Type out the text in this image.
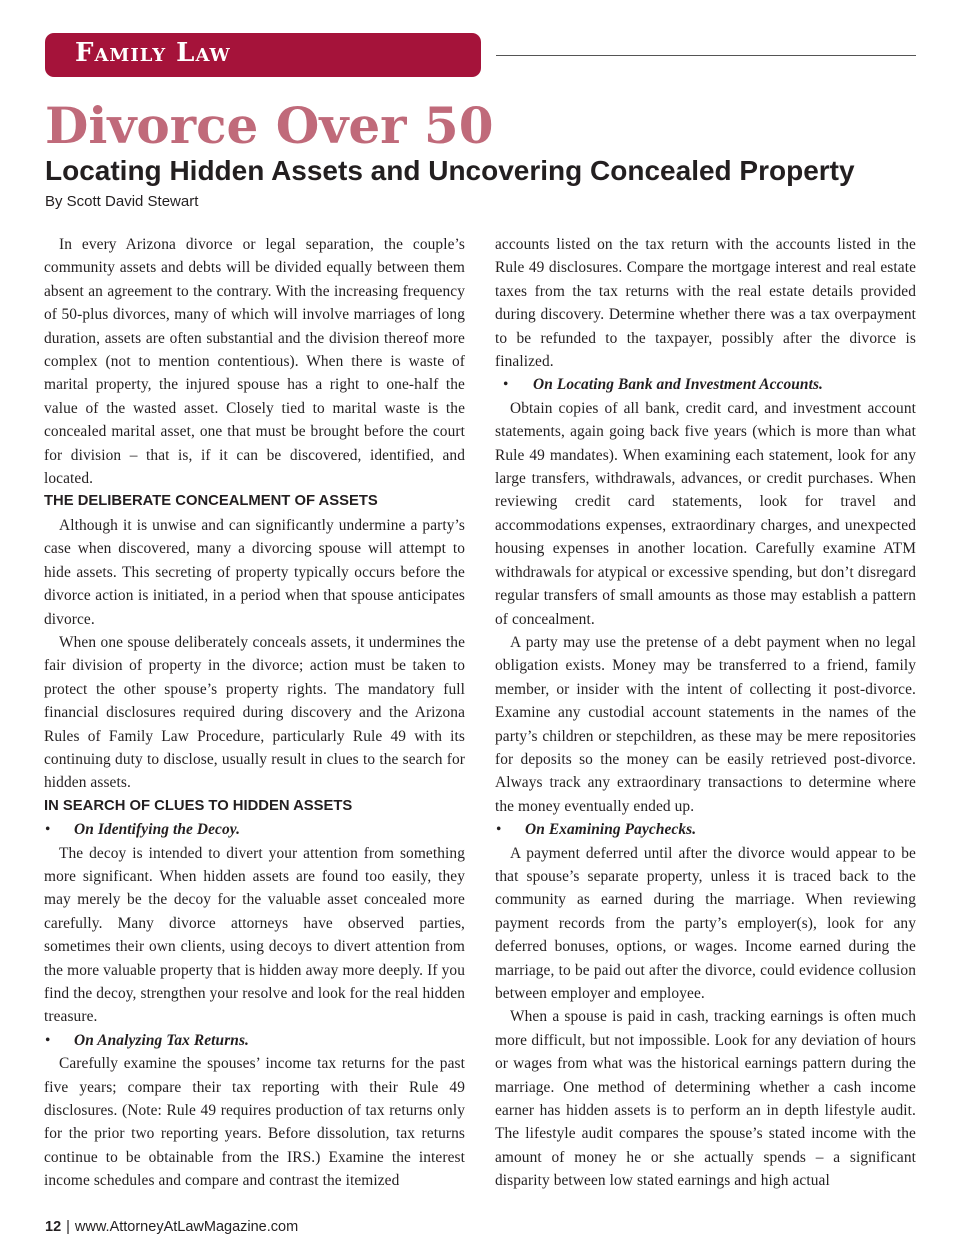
Family Law
Divorce Over 50
Locating Hidden Assets and Uncovering Concealed Property
By Scott David Stewart

In every Arizona divorce or legal separation, the couple’s community assets and debts will be divided equally between them absent an agreement to the contrary. With the increasing frequency of 50-plus divorces, many of which will involve marriages of long duration, assets are often substantial and the division thereof more complex (not to mention contentious). When there is waste of marital property, the injured spouse has a right to one-half the value of the wasted asset. Closely tied to marital waste is the concealed marital asset, one that must be brought before the court for division – that is, if it can be discovered, identified, and located.

THE DELIBERATE CONCEALMENT OF ASSETS

Although it is unwise and can significantly undermine a party’s case when discovered, many a divorcing spouse will attempt to hide assets. This secreting of property typically occurs before the divorce action is initiated, in a period when that spouse anticipates divorce.

When one spouse deliberately conceals assets, it undermines the fair division of property in the divorce; action must be taken to protect the other spouse’s property rights. The mandatory full financial disclosures required during discovery and the Arizona Rules of Family Law Procedure, particularly Rule 49 with its continuing duty to disclose, usually result in clues to the search for hidden assets.

IN SEARCH OF CLUES TO HIDDEN ASSETS
•	On Identifying the Decoy.

The decoy is intended to divert your attention from something more significant. When hidden assets are found too easily, they may merely be the decoy for the valuable asset concealed more carefully. Many divorce attorneys have observed parties, sometimes their own clients, using decoys to divert attention from the more valuable property that is hidden away more deeply. If you find the decoy, strengthen your resolve and look for the real hidden treasure.

•	On Analyzing Tax Returns.

Carefully examine the spouses’ income tax returns for the past five years; compare their tax reporting with their Rule 49 disclosures. (Note: Rule 49 requires production of tax returns only for the prior two reporting years. Before dissolution, tax returns continue to be obtainable from the IRS.) Examine the interest income schedules and compare and contrast the itemized

accounts listed on the tax return with the accounts listed in the Rule 49 disclosures. Compare the mortgage interest and real estate taxes from the tax returns with the real estate details provided during discovery. Determine whether there was a tax overpayment to be refunded to the taxpayer, possibly after the divorce is finalized.

•	On Locating Bank and Investment Accounts.

Obtain copies of all bank, credit card, and investment account statements, again going back five years (which is more than what Rule 49 mandates). When examining each statement, look for any large transfers, withdrawals, advances, or credit purchases. When reviewing credit card statements, look for travel and accommodations expenses, extraordinary charges, and unexpected housing expenses in another location. Carefully examine ATM withdrawals for atypical or excessive spending, but don’t disregard regular transfers of small amounts as those may establish a pattern of concealment.

A party may use the pretense of a debt payment when no legal obligation exists. Money may be transferred to a friend, family member, or insider with the intent of collecting it post-divorce. Examine any custodial account statements in the names of the party’s children or stepchildren, as these may be mere repositories for deposits so the money can be easily retrieved post-divorce. Always track any extraordinary transactions to determine where the money eventually ended up.

•	On Examining Paychecks.

A payment deferred until after the divorce would appear to be that spouse’s separate property, unless it is traced back to the community as earned during the marriage. When reviewing payment records from the party’s employer(s), look for any deferred bonuses, options, or wages. Income earned during the marriage, to be paid out after the divorce, could evidence collusion between employer and employee.

When a spouse is paid in cash, tracking earnings is often much more difficult, but not impossible. Look for any deviation of hours or wages from what was the historical earnings pattern during the marriage. One method of determining whether a cash income earner has hidden assets is to perform an in depth lifestyle audit. The lifestyle audit compares the spouse’s stated income with the amount of money he or she actually spends – a significant disparity between low stated earnings and high actual

12 | www.AttorneyAtLawMagazine.com
